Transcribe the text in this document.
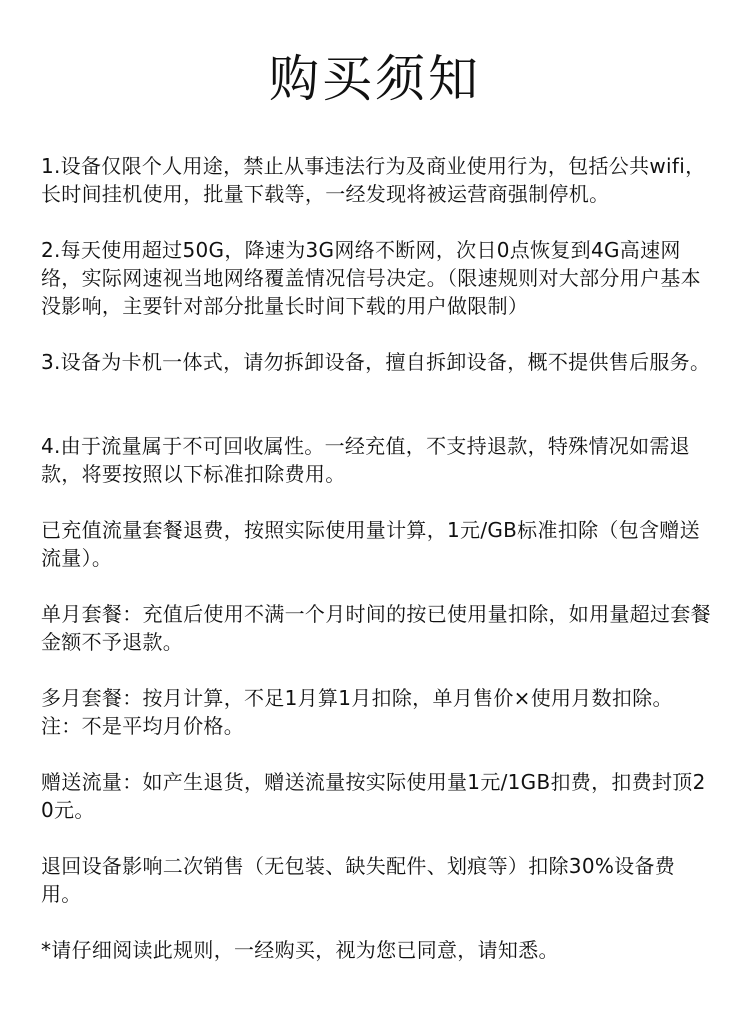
购买须知

1.设备仅限个人用途，禁止从事违法行为及商业使用行为，包括公共wifi，长时间挂机使用，批量下载等，一经发现将被运营商强制停机。

2.每天使用超过50G，降速为3G网络不断网，次日0点恢复到4G高速网络，实际网速视当地网络覆盖情况信号决定。（限速规则对大部分用户基本没影响，主要针对部分批量长时间下载的用户做限制）

3.设备为卡机一体式，请勿拆卸设备，擅自拆卸设备，概不提供售后服务。

4.由于流量属于不可回收属性。一经充值，不支持退款，特殊情况如需退款，将要按照以下标准扣除费用。

已充值流量套餐退费，按照实际使用量计算，1元/GB标准扣除（包含赠送流量）。

单月套餐：充值后使用不满一个月时间的按已使用量扣除，如用量超过套餐金额不予退款。

多月套餐：按月计算，不足1月算1月扣除，单月售价×使用月数扣除。注：不是平均月价格。

赠送流量：如产生退货，赠送流量按实际使用量1元/1GB扣费，扣费封顶20元。

退回设备影响二次销售（无包装、缺失配件、划痕等）扣除30%设备费用。

*请仔细阅读此规则，一经购买，视为您已同意，请知悉。
